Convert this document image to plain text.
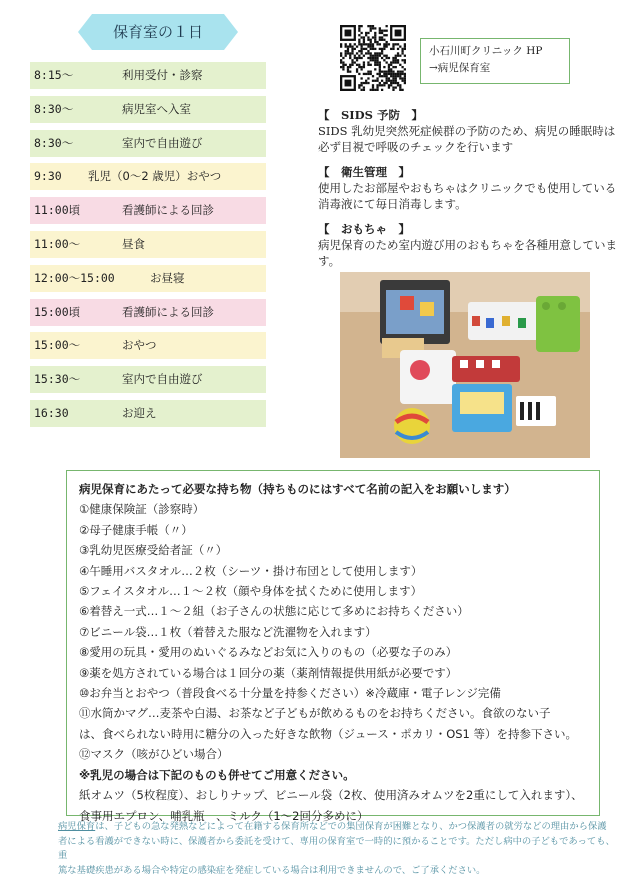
保育室の１日
8:15～	利用受付・診察
8:30～	病児室へ入室
8:30～	室内で自由遊び
9:30 乳児（0～2 歳児）おやつ
11:00頃	看護師による回診
11:00～	昼食
12:00～15:00	お昼寝
15:00頃	看護師による回診
15:00～	おやつ
15:30～	室内で自由遊び
16:30	お迎え
小石川町クリニック HP
→病児保育室

【　SIDS 予防　】

SIDS 乳幼児突然死症候群の予防のため、病児の睡眠時は必ず目視で呼吸のチェックを行います

【　衛生管理　】

使用したお部屋やおもちゃはクリニックでも使用している消毒液にて毎日消毒します。

【　おもちゃ　】

病児保育のため室内遊び用のおもちゃを各種用意しています。

病児保育にあたって必要な持ち物（持ちものにはすべて名前の記入をお願いします）
①健康保険証（診察時）
②母子健康手帳（〃）
③乳幼児医療受給者証（〃）
④午睡用バスタオル…２枚（シーツ・掛け布団として使用します）
⑤フェイスタオル…１～２枚（顔や身体を拭くために使用します）
⑥着替え一式…１～２組（お子さんの状態に応じて多めにお持ちください）
⑦ビニール袋…１枚（着替えた服など洗濯物を入れます）
⑧愛用の玩具・愛用のぬいぐるみなどお気に入りのもの（必要な子のみ）
⑨薬を処方されている場合は１回分の薬（薬剤情報提供用紙が必要です）
⑩お弁当とおやつ（普段食べる十分量を持参ください）※冷蔵庫・電子レンジ完備
⑪水筒かマグ…麦茶や白湯、お茶など子どもが飲めるものをお持ちください。食欲のない子
は、食べられない時用に糖分の入った好きな飲物（ジュース・ポカリ・OS1 等）を持参下さい。
⑫マスク（咳がひどい場合）
※乳児の場合は下記のものも併せてご用意ください。
紙オムツ（5枚程度）、おしりナップ、ビニール袋（2枚、使用済みオムツを2重にして入れます）、
食事用エプロン、哺乳瓶　、ミルク（1～2回分多めに）
病児保育は、子どもの急な発熱などによって在籍する保育所などでの集団保育が困難となり、かつ保護者の就労などの理由から保護
者による看護ができない時に、保護者から委託を受けて、専用の保育室で一時的に預かることです。ただし病中の子どもであっても、重
篤な基礎疾患がある場合や特定の感染症を発症している場合は利用できませんので、ご了承ください。
